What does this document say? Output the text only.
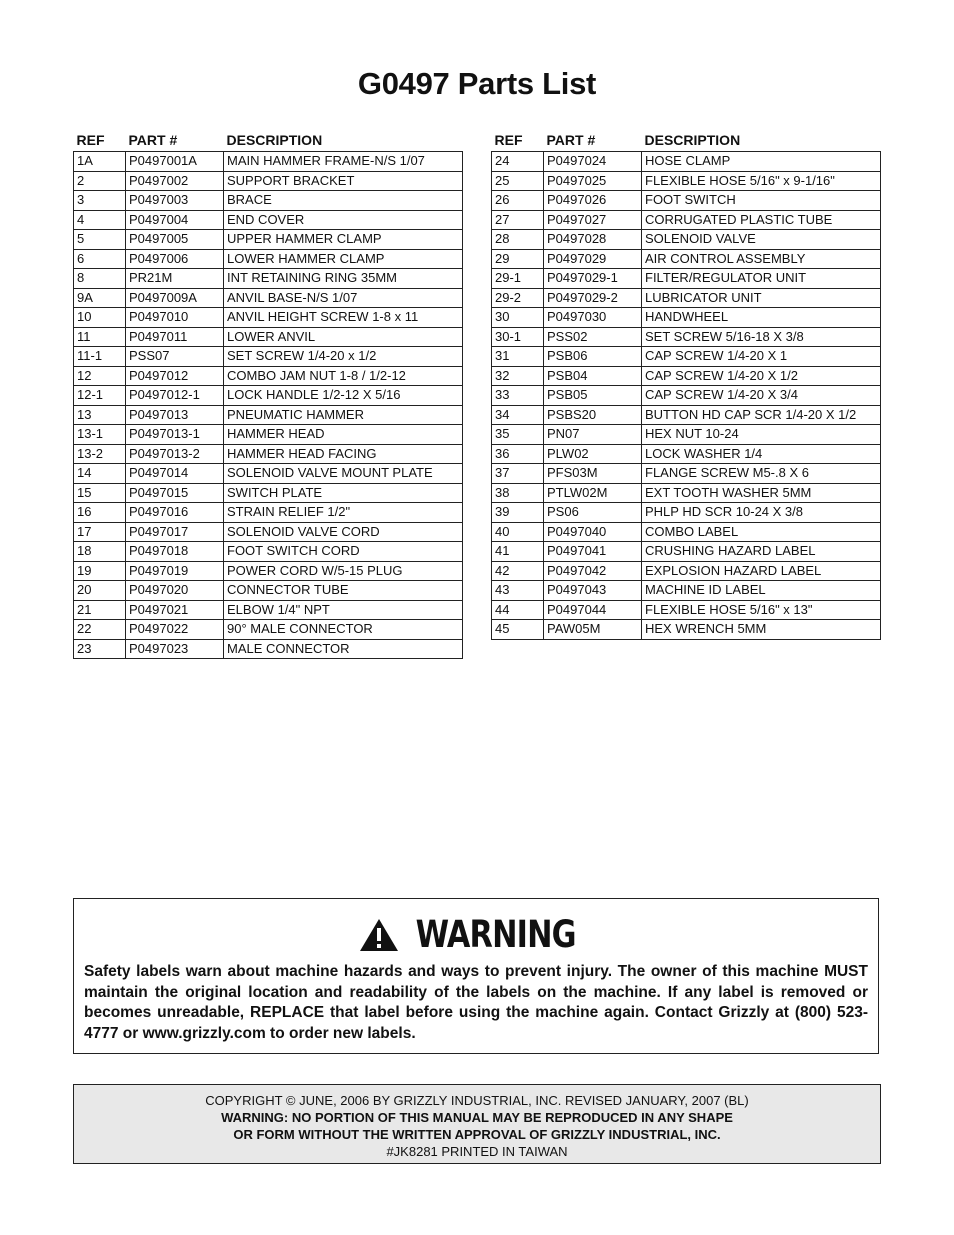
G0497 Parts List
REF	PART #	DESCRIPTION
1A	P0497001A	MAIN HAMMER FRAME-N/S 1/07
2	P0497002	SUPPORT BRACKET
3	P0497003	BRACE
4	P0497004	END COVER
5	P0497005	UPPER HAMMER CLAMP
6	P0497006	LOWER HAMMER CLAMP
8	PR21M	INT RETAINING RING 35MM
9A	P0497009A	ANVIL BASE-N/S 1/07
10	P0497010	ANVIL HEIGHT SCREW 1-8 x 11
11	P0497011	LOWER ANVIL
11-1	PSS07	SET SCREW 1/4-20 x 1/2
12	P0497012	COMBO JAM NUT 1-8 / 1/2-12
12-1	P0497012-1	LOCK HANDLE 1/2-12 X 5/16
13	P0497013	PNEUMATIC HAMMER
13-1	P0497013-1	HAMMER HEAD
13-2	P0497013-2	HAMMER HEAD FACING
14	P0497014	SOLENOID VALVE MOUNT PLATE
15	P0497015	SWITCH PLATE
16	P0497016	STRAIN RELIEF 1/2"
17	P0497017	SOLENOID VALVE CORD
18	P0497018	FOOT SWITCH CORD
19	P0497019	POWER CORD W/5-15 PLUG
20	P0497020	CONNECTOR TUBE
21	P0497021	ELBOW 1/4" NPT
22	P0497022	90° MALE CONNECTOR
23	P0497023	MALE CONNECTOR
REF	PART #	DESCRIPTION
24	P0497024	HOSE CLAMP
25	P0497025	FLEXIBLE HOSE 5/16" x 9-1/16"
26	P0497026	FOOT SWITCH
27	P0497027	CORRUGATED PLASTIC TUBE
28	P0497028	SOLENOID VALVE
29	P0497029	AIR CONTROL ASSEMBLY
29-1	P0497029-1	FILTER/REGULATOR UNIT
29-2	P0497029-2	LUBRICATOR UNIT
30	P0497030	HANDWHEEL
30-1	PSS02	SET SCREW 5/16-18 X 3/8
31	PSB06	CAP SCREW 1/4-20 X 1
32	PSB04	CAP SCREW 1/4-20 X 1/2
33	PSB05	CAP SCREW 1/4-20 X 3/4
34	PSBS20	BUTTON HD CAP SCR 1/4-20 X 1/2
35	PN07	HEX NUT 10-24
36	PLW02	LOCK WASHER 1/4
37	PFS03M	FLANGE SCREW M5-.8 X 6
38	PTLW02M	EXT TOOTH WASHER 5MM
39	PS06	PHLP HD SCR 10-24 X 3/8
40	P0497040	COMBO LABEL
41	P0497041	CRUSHING HAZARD LABEL
42	P0497042	EXPLOSION HAZARD LABEL
43	P0497043	MACHINE ID LABEL
44	P0497044	FLEXIBLE HOSE 5/16" x 13"
45	PAW05M	HEX WRENCH 5MM
WARNING
Safety labels warn about machine hazards and ways to prevent injury. The owner of this machine MUST maintain the original location and readability of the labels on the machine. If any label is removed or becomes unreadable, REPLACE that label before using the machine again. Contact Grizzly at (800) 523-4777 or www.grizzly.com to order new labels.
COPYRIGHT © JUNE, 2006 BY GRIZZLY INDUSTRIAL, INC. REVISED JANUARY, 2007 (BL)
WARNING: NO PORTION OF THIS MANUAL MAY BE REPRODUCED IN ANY SHAPE
OR FORM WITHOUT THE WRITTEN APPROVAL OF GRIZZLY INDUSTRIAL, INC.
#JK8281 PRINTED IN TAIWAN
